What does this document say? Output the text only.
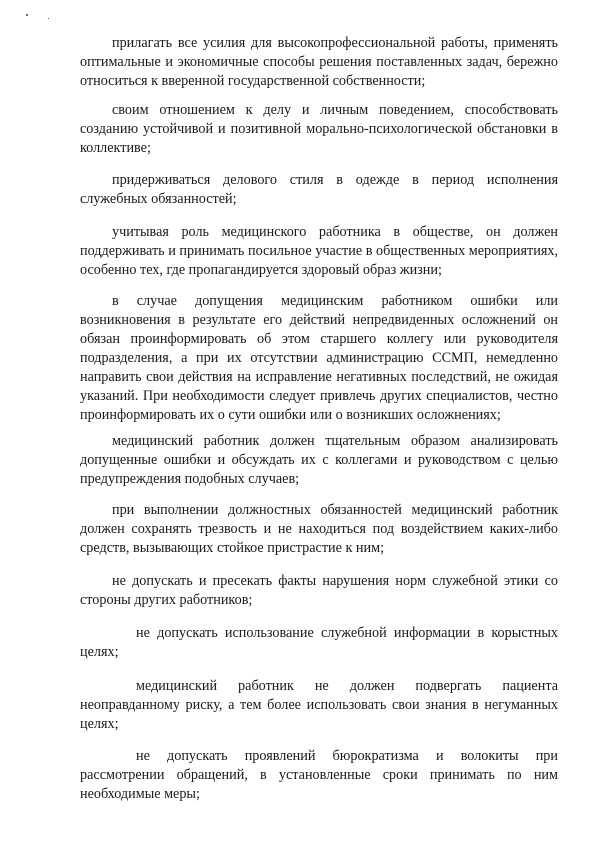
прилагать все усилия для высокопрофессиональной работы, применять оптимальные и экономичные способы решения поставленных задач, бережно относиться к вверенной государственной собственности;

своим отношением к делу и личным поведением, способствовать созданию устойчивой и позитивной морально-психологической обстановки в коллективе;

придерживаться делового стиля в одежде в период исполнения служебных обязанностей;

учитывая роль медицинского работника в обществе, он должен поддерживать и принимать посильное участие в общественных мероприятиях, особенно тех, где пропагандируется здоровый образ жизни;

в случае допущения медицинским работником ошибки или возникновения в результате его действий непредвиденных осложнений он обязан проинформировать об этом старшего коллегу или руководителя подразделения, а при их отсутствии администрацию ССМП, немедленно направить свои действия на исправление негативных последствий, не ожидая указаний. При необходимости следует привлечь других специалистов, честно проинформировать их о сути ошибки или о возникших осложнениях;

медицинский работник должен тщательным образом анализировать допущенные ошибки и обсуждать их с коллегами и руководством с целью предупреждения подобных случаев;

при выполнении должностных обязанностей медицинский работник должен сохранять трезвость и не находиться под воздействием каких-либо средств, вызывающих стойкое пристрастие к ним;

не допускать и пресекать факты нарушения норм служебной этики со стороны других работников;

не допускать использование служебной информации в корыстных целях;

медицинский работник не должен подвергать пациента неоправданному риску, а тем более использовать свои знания в негуманных целях;

не допускать проявлений бюрократизма и волокиты при рассмотрении обращений, в установленные сроки принимать по ним необходимые меры;
